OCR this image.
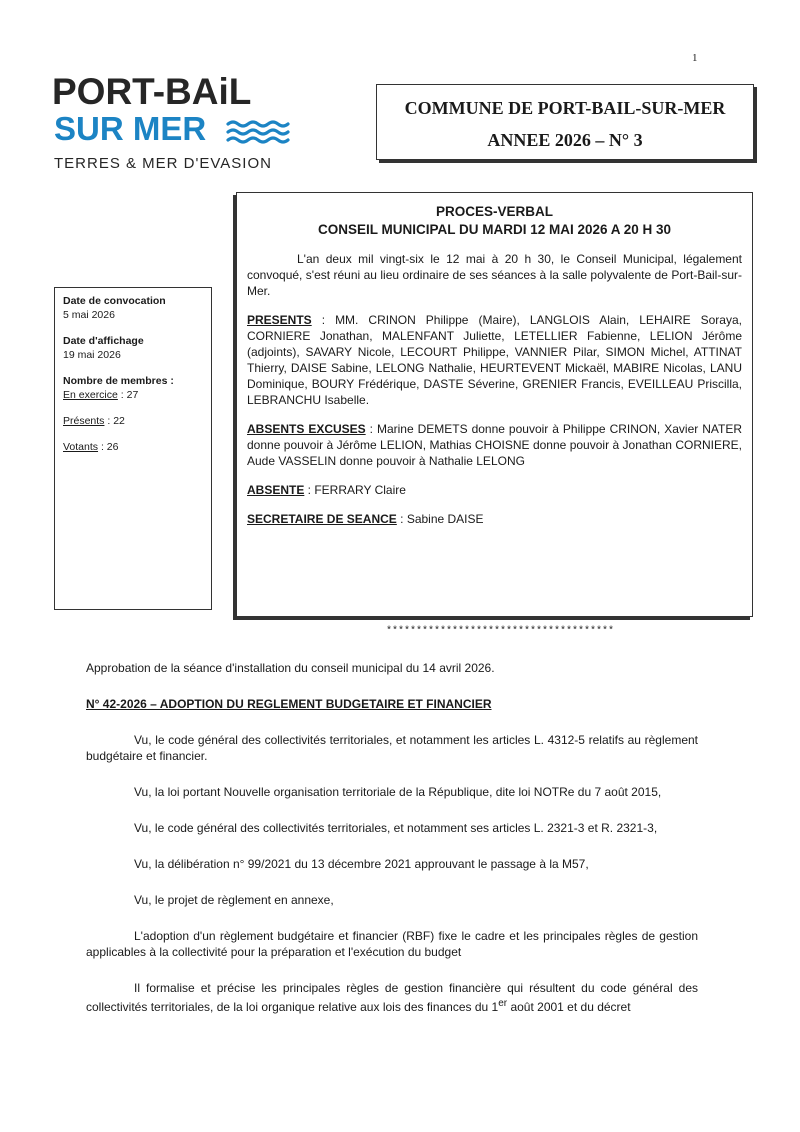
1
PORT-BAiL
SUR MER
TERRES & MER D'EVASION
COMMUNE DE PORT-BAIL-SUR-MER
ANNEE 2026 – N° 3
Date de convocation
5 mai 2026
Date d'affichage
19 mai 2026
Nombre de membres :
En exercice : 27
Présents : 22
Votants : 26
PROCES-VERBAL
CONSEIL MUNICIPAL DU MARDI 12 MAI 2026 A 20 H 30

L'an deux mil vingt-six le 12 mai à 20 h 30, le Conseil Municipal, légalement convoqué, s'est réuni au lieu ordinaire de ses séances à la salle polyvalente de Port-Bail-sur-Mer.

PRESENTS : MM. CRINON Philippe (Maire), LANGLOIS Alain, LEHAIRE Soraya, CORNIERE Jonathan, MALENFANT Juliette, LETELLIER Fabienne, LELION Jérôme (adjoints), SAVARY Nicole, LECOURT Philippe, VANNIER Pilar, SIMON Michel, ATTINAT Thierry, DAISE Sabine, LELONG Nathalie, HEURTEVENT Mickaël, MABIRE Nicolas, LANU Dominique, BOURY Frédérique, DASTE Séverine, GRENIER Francis, EVEILLEAU Priscilla, LEBRANCHU Isabelle.

ABSENTS EXCUSES : Marine DEMETS donne pouvoir à Philippe CRINON, Xavier NATER donne pouvoir à Jérôme LELION, Mathias CHOISNE donne pouvoir à Jonathan CORNIERE, Aude VASSELIN donne pouvoir à Nathalie LELONG

ABSENTE : FERRARY Claire

SECRETAIRE DE SEANCE : Sabine DAISE

**************************************

Approbation de la séance d'installation du conseil municipal du 14 avril 2026.

N° 42-2026 – ADOPTION DU REGLEMENT BUDGETAIRE ET FINANCIER

Vu, le code général des collectivités territoriales, et notamment les articles L. 4312-5 relatifs au règlement budgétaire et financier.

Vu, la loi portant Nouvelle organisation territoriale de la République, dite loi NOTRe du 7 août 2015,

Vu, le code général des collectivités territoriales, et notamment ses articles L. 2321-3 et R. 2321-3,

Vu, la délibération n° 99/2021 du 13 décembre 2021 approuvant le passage à la M57,

Vu, le projet de règlement en annexe,

L'adoption d'un règlement budgétaire et financier (RBF) fixe le cadre et les principales règles de gestion applicables à la collectivité pour la préparation et l'exécution du budget

Il formalise et précise les principales règles de gestion financière qui résultent du code général des collectivités territoriales, de la loi organique relative aux lois des finances du 1er août 2001 et du décret
